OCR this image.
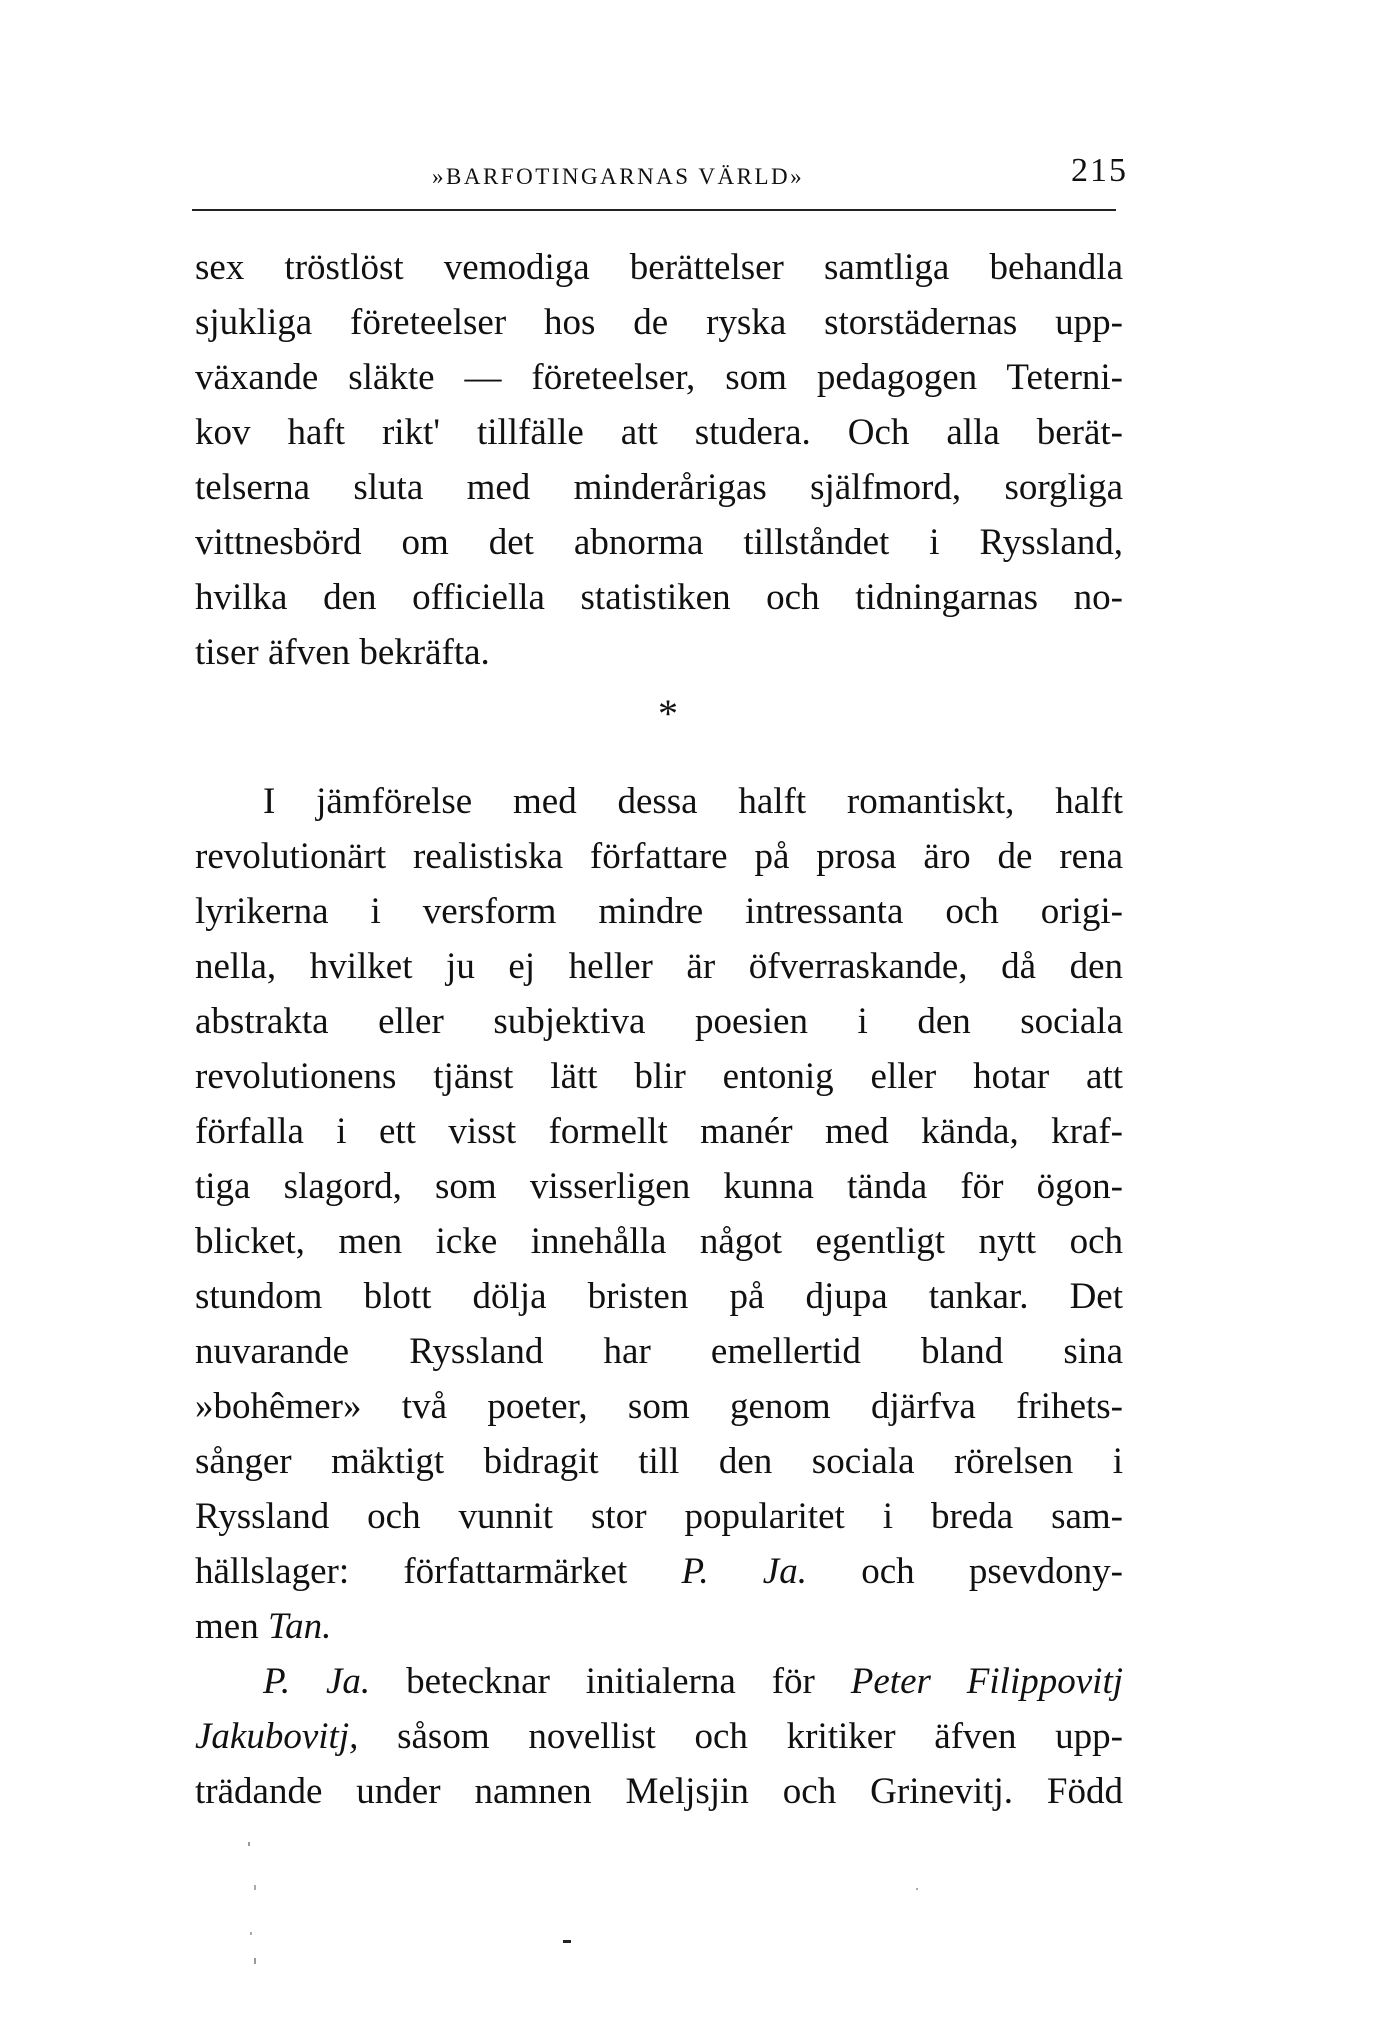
»BARFOTINGARNAS VÄRLD»	215
sex tröstlöst vemodiga berättelser samtliga behandla
sjukliga företeelser hos de ryska storstädernas upp-
växande släkte — företeelser, som pedagogen Teterni-
kov haft rikt' tillfälle att studera. Och alla berät-
telserna sluta med minderårigas själfmord, sorgliga
vittnesbörd om det abnorma tillståndet i Ryssland,
hvilka den officiella statistiken och tidningarnas no-
tiser äfven bekräfta.
*
I jämförelse med dessa halft romantiskt, halft
revolutionärt realistiska författare på prosa äro de rena
lyrikerna i versform mindre intressanta och origi-
nella, hvilket ju ej heller är öfverraskande, då den
abstrakta eller subjektiva poesien i den sociala
revolutionens tjänst lätt blir entonig eller hotar att
förfalla i ett visst formellt manér med kända, kraf-
tiga slagord, som visserligen kunna tända för ögon-
blicket, men icke innehålla något egentligt nytt och
stundom blott dölja bristen på djupa tankar. Det
nuvarande Ryssland har emellertid bland sina
»bohêmer» två poeter, som genom djärfva frihets-
sånger mäktigt bidragit till den sociala rörelsen i
Ryssland och vunnit stor popularitet i breda sam-
hällslager: författarmärket P. Ja. och psevdony-
men Tan.
P. Ja. betecknar initialerna för Peter Filippovitj
Jakubovitj, såsom novellist och kritiker äfven upp-
trädande under namnen Meljsjin och Grinevitj. Född
